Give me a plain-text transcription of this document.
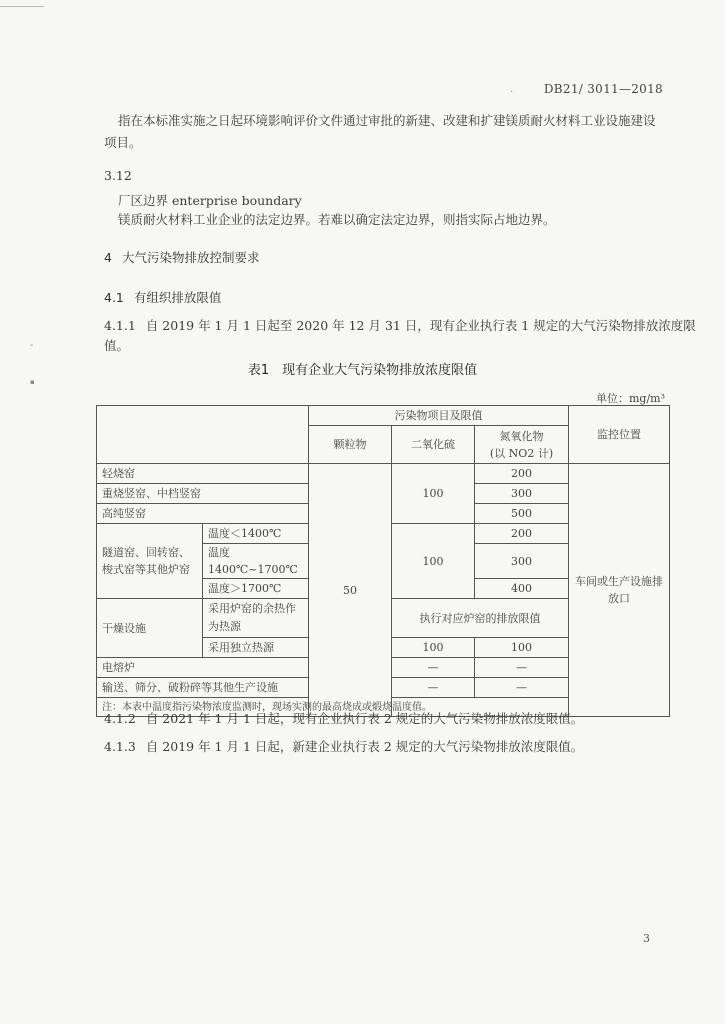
.	DB21/ 3011—2018
指在本标准实施之日起环境影响评价文件通过审批的新建、改建和扩建镁质耐火材料工业设施建设
项目。
3.12
厂区边界 enterprise boundary
镁质耐火材料工业企业的法定边界。若难以确定法定边界，则指实际占地边界。
4 大气污染物排放控制要求
4.1 有组织排放限值
4.1.1 自 2019 年 1 月 1 日起至 2020 年 12 月 31 日，现有企业执行表 1 规定的大气污染物排放浓度限
值。
-
▪
表1　现有企业大气污染物排放浓度限值
单位：mg/m³
		污染物项目及限值			监控位置
		颗粒物	二氧化硫	氮氧化物
(以 NO2 计)	

轻烧窑		50	100	200	车间或生产设施排放口
重烧竖窑、中档竖窑				300	
高纯竖窑				500	
隧道窑、回转窑、梭式窑等其他炉窑	温度＜1400℃		100	200	
	温度 1400℃~1700℃			300	
	温度＞1700℃			400	
干燥设施	采用炉窑的余热作为热源		执行对应炉窑的排放限值		
	采用独立热源		100	100	
电熔炉			—	—	
输送、筛分、破粉碎等其他生产设施			—	—	
注：本表中温度指污染物浓度监测时，现场实测的最高烧成或煅烧温度值。					
4.1.2 自 2021 年 1 月 1 日起，现有企业执行表 2 规定的大气污染物排放浓度限值。
4.1.3 自 2019 年 1 月 1 日起，新建企业执行表 2 规定的大气污染物排放浓度限值。
3
